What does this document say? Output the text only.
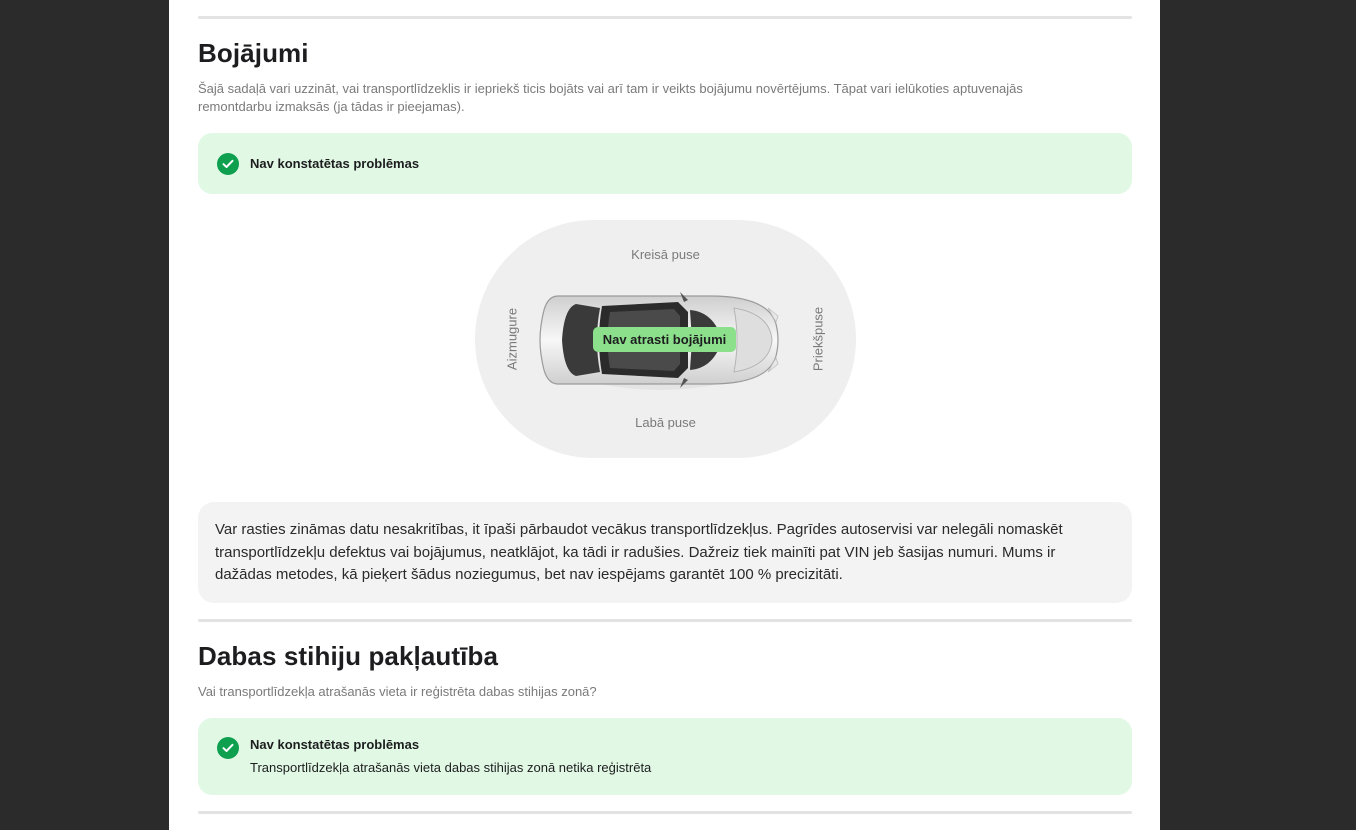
Bojājumi

Šajā sadaļā vari uzzināt, vai transportlīdzeklis ir iepriekš ticis bojāts vai arī tam ir veikts bojājumu novērtējums. Tāpat vari ielūkoties aptuvenajās remontdarbu izmaksās (ja tādas ir pieejamas).

Nav konstatētas problēmas
Kreisā puse
Labā puse
Aizmugure	Priekšpuse
Nav atrasti bojājumi
Var rasties zināmas datu nesakritības, it īpaši pārbaudot vecākus transportlīdzekļus. Pagrīdes autoservisi var nelegāli nomaskēt transportlīdzekļu defektus vai bojājumus, neatklājot, ka tādi ir radušies. Dažreiz tiek mainīti pat VIN jeb šasijas numuri. Mums ir dažādas metodes, kā pieķert šādus noziegumus, bet nav iespējams garantēt 100 % precizitāti.
Dabas stihiju pakļautība

Vai transportlīdzekļa atrašanās vieta ir reģistrēta dabas stihijas zonā?

Nav konstatētas problēmas
Transportlīdzekļa atrašanās vieta dabas stihijas zonā netika reģistrēta
